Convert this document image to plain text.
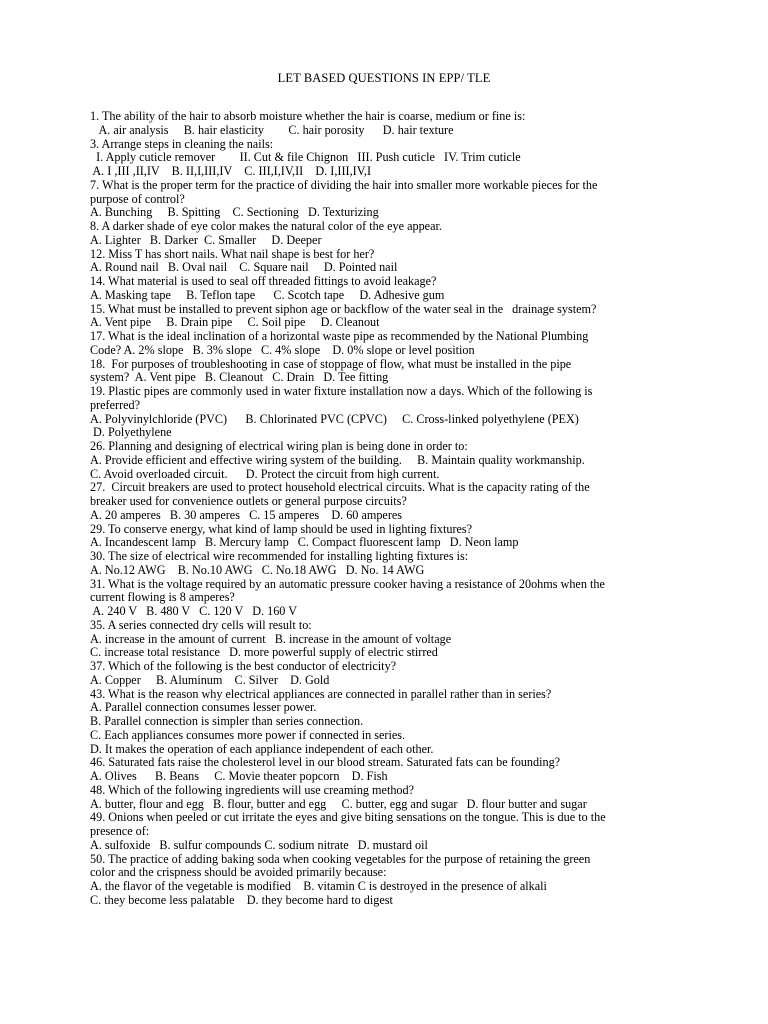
LET BASED QUESTIONS IN EPP/ TLE
1. The ability of the hair to absorb moisture whether the hair is coarse, medium or fine is:
A. air analysis     B. hair elasticity        C. hair porosity      D. hair texture
3. Arrange steps in cleaning the nails:
I. Apply cuticle remover        II. Cut & file Chignon   III. Push cuticle   IV. Trim cuticle
A. I ,III ,II,IV    B. II,I,III,IV    C. III,I,IV,II    D. I,III,IV,I
7. What is the proper term for the practice of dividing the hair into smaller more workable pieces for the
purpose of control?
A. Bunching     B. Spitting    C. Sectioning   D. Texturizing
8. A darker shade of eye color makes the natural color of the eye appear.
A. Lighter   B. Darker  C. Smaller     D. Deeper
12. Miss T has short nails. What nail shape is best for her?
A. Round nail   B. Oval nail    C. Square nail     D. Pointed nail
14. What material is used to seal off threaded fittings to avoid leakage?
A. Masking tape     B. Teflon tape      C. Scotch tape     D. Adhesive gum
15. What must be installed to prevent siphon age or backflow of the water seal in the   drainage system?
A. Vent pipe     B. Drain pipe     C. Soil pipe     D. Cleanout
17. What is the ideal inclination of a horizontal waste pipe as recommended by the National Plumbing
Code? A. 2% slope   B. 3% slope   C. 4% slope    D. 0% slope or level position
18.  For purposes of troubleshooting in case of stoppage of flow, what must be installed in the pipe
system?  A. Vent pipe   B. Cleanout   C. Drain   D. Tee fitting
19. Plastic pipes are commonly used in water fixture installation now a days. Which of the following is
preferred?
A. Polyvinylchloride (PVC)      B. Chlorinated PVC (CPVC)     C. Cross-linked polyethylene (PEX)
D. Polyethylene
26. Planning and designing of electrical wiring plan is being done in order to:
A. Provide efficient and effective wiring system of the building.     B. Maintain quality workmanship.
C. Avoid overloaded circuit.      D. Protect the circuit from high current.
27.  Circuit breakers are used to protect household electrical circuits. What is the capacity rating of the
breaker used for convenience outlets or general purpose circuits?
A. 20 amperes   B. 30 amperes   C. 15 amperes    D. 60 amperes
29. To conserve energy, what kind of lamp should be used in lighting fixtures?
A. Incandescent lamp   B. Mercury lamp   C. Compact fluorescent lamp   D. Neon lamp
30. The size of electrical wire recommended for installing lighting fixtures is:
A. No.12 AWG    B. No.10 AWG   C. No.18 AWG   D. No. 14 AWG
31. What is the voltage required by an automatic pressure cooker having a resistance of 20ohms when the
current flowing is 8 amperes?
A. 240 V   B. 480 V   C. 120 V   D. 160 V
35. A series connected dry cells will result to:
A. increase in the amount of current   B. increase in the amount of voltage
C. increase total resistance   D. more powerful supply of electric stirred
37. Which of the following is the best conductor of electricity?
A. Copper     B. Aluminum    C. Silver    D. Gold
43. What is the reason why electrical appliances are connected in parallel rather than in series?
A. Parallel connection consumes lesser power.
B. Parallel connection is simpler than series connection.
C. Each appliances consumes more power if connected in series.
D. It makes the operation of each appliance independent of each other.
46. Saturated fats raise the cholesterol level in our blood stream. Saturated fats can be founding?
A. Olives      B. Beans     C. Movie theater popcorn    D. Fish
48. Which of the following ingredients will use creaming method?
A. butter, flour and egg   B. flour, butter and egg     C. butter, egg and sugar   D. flour butter and sugar
49. Onions when peeled or cut irritate the eyes and give biting sensations on the tongue. This is due to the
presence of:
A. sulfoxide   B. sulfur compounds C. sodium nitrate   D. mustard oil
50. The practice of adding baking soda when cooking vegetables for the purpose of retaining the green
color and the crispness should be avoided primarily because:
A. the flavor of the vegetable is modified    B. vitamin C is destroyed in the presence of alkali
C. they become less palatable    D. they become hard to digest
